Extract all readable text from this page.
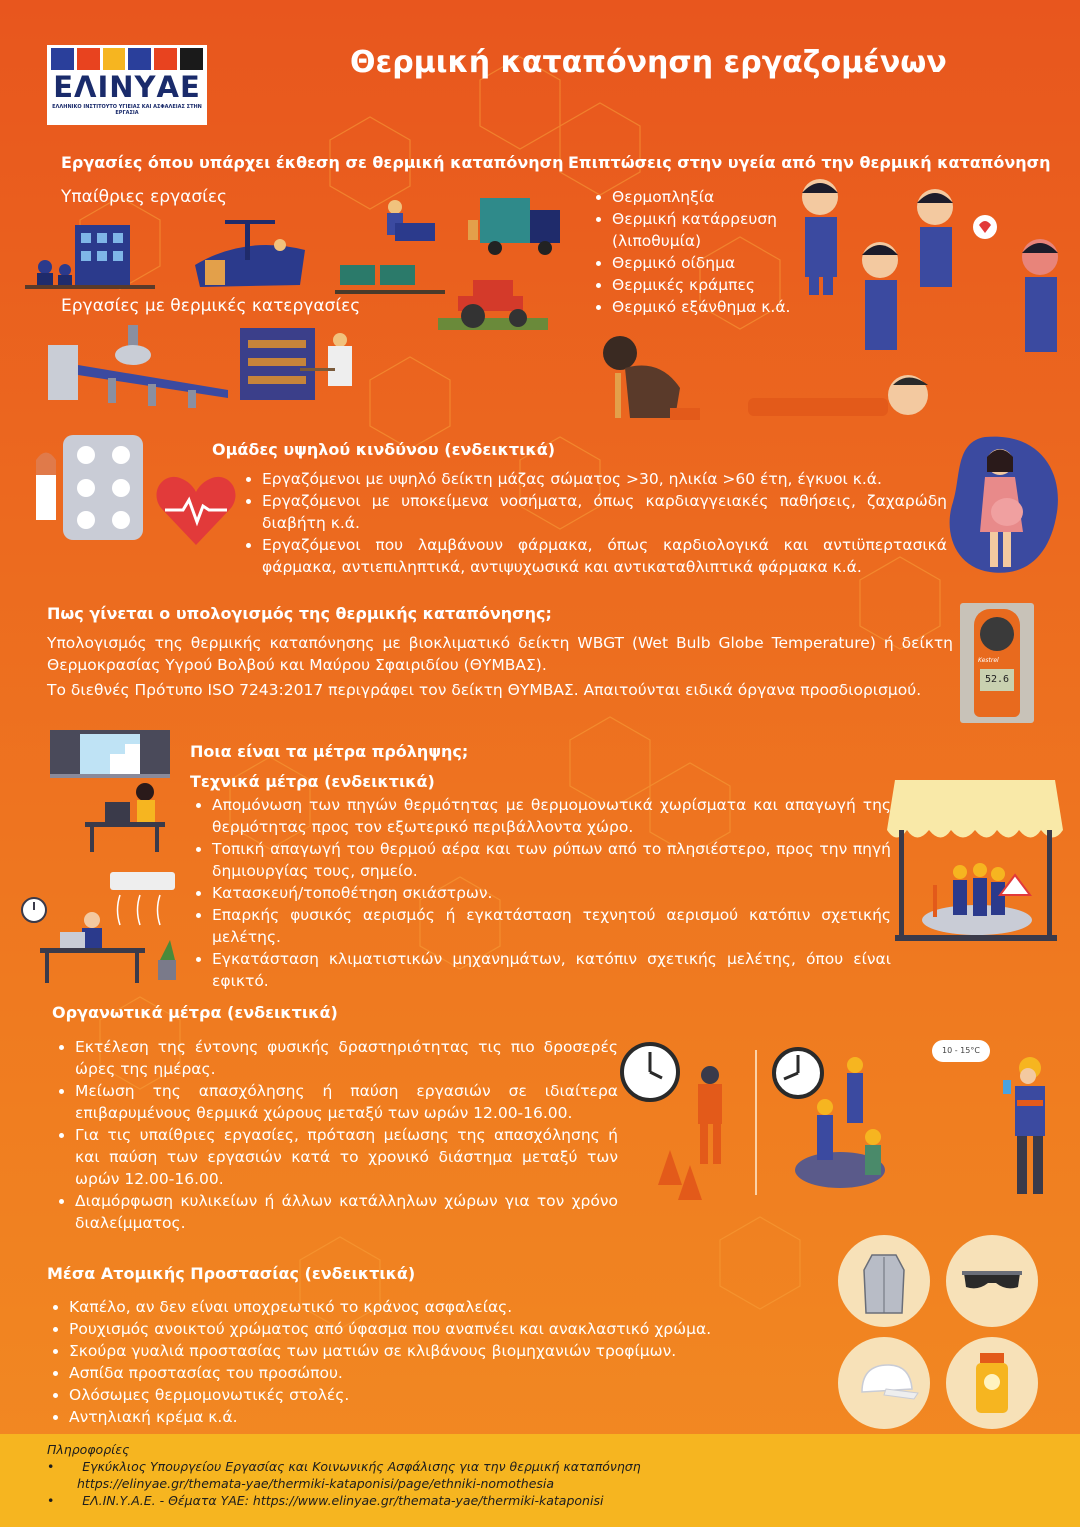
ΕΛΙΝΥΑΕ
ΕΛΛΗΝΙΚΟ ΙΝΣΤΙΤΟΥΤΟ ΥΓΙΕΙΑΣ ΚΑΙ ΑΣΦΑΛΕΙΑΣ ΣΤΗΝ ΕΡΓΑΣΙΑ
Θερμική καταπόνηση εργαζομένων
Εργασίες όπου υπάρχει έκθεση σε θερμική καταπόνηση
Υπαίθριες εργασίες
Εργασίες με θερμικές κατεργασίες
Επιπτώσεις στην υγεία από την θερμική καταπόνηση
• Θερμοπληξία
• Θερμική κατάρρευση (λιποθυμία)
• Θερμικό οίδημα
• Θερμικές κράμπες
• Θερμικό εξάνθημα κ.ά.
Ομάδες υψηλού κινδύνου (ενδεικτικά)
• Εργαζόμενοι με υψηλό δείκτη μάζας σώματος >30, ηλικία >60 έτη, έγκυοι κ.ά.
• Εργαζόμενοι με υποκείμενα νοσήματα, όπως καρδιαγγειακές παθήσεις, ζαχαρώδη διαβήτη κ.ά.
• Εργαζόμενοι που λαμβάνουν φάρμακα, όπως καρδιολογικά και αντιϋπερτασικά φάρμακα, αντιεπιληπτικά, αντιψυχωσικά και αντικαταθλιπτικά φάρμακα κ.ά.
Πως γίνεται ο υπολογισμός της θερμικής καταπόνησης;
Υπολογισμός της θερμικής καταπόνησης με βιοκλιματικό δείκτη WBGT (Wet Bulb Globe Temperature) ή δείκτη Θερμοκρασίας Υγρού Βολβού και Μαύρου Σφαιριδίου (ΘΥΜΒΑΣ).
Το διεθνές Πρότυπο ISO 7243:2017 περιγράφει τον δείκτη ΘΥΜΒΑΣ. Απαιτούνται ειδικά όργανα προσδιορισμού.
Kestrel
52.6
Ποια είναι τα μέτρα πρόληψης;
Τεχνικά μέτρα (ενδεικτικά)
• Απομόνωση των πηγών θερμότητας με θερμομονωτικά χωρίσματα και απαγωγή της θερμότητας προς τον εξωτερικό περιβάλλοντα χώρο.
• Τοπική απαγωγή του θερμού αέρα και των ρύπων από το πλησιέστερο, προς την πηγή δημιουργίας τους, σημείο.
• Κατασκευή/τοποθέτηση σκιάστρων.
• Επαρκής φυσικός αερισμός ή εγκατάσταση τεχνητού αερισμού κατόπιν σχετικής μελέτης.
• Εγκατάσταση κλιματιστικών μηχανημάτων, κατόπιν σχετικής μελέτης, όπου είναι εφικτό.
Οργανωτικά μέτρα (ενδεικτικά)
• Εκτέλεση της έντονης φυσικής δραστηριότητας τις πιο δροσερές ώρες της ημέρας.
• Μείωση της απασχόλησης ή παύση εργασιών σε ιδιαίτερα επιβαρυμένους θερμικά χώρους μεταξύ των ωρών 12.00-16.00.
• Για τις υπαίθριες εργασίες, πρόταση μείωσης της απασχόλησης ή και παύση των εργασιών κατά το χρονικό διάστημα μεταξύ των ωρών 12.00-16.00.
• Διαμόρφωση κυλικείων ή άλλων κατάλληλων χώρων για τον χρόνο διαλείμματος.
10 - 15°C
Μέσα Ατομικής Προστασίας (ενδεικτικά)
• Καπέλο, αν δεν είναι υποχρεωτικό το κράνος ασφαλείας.
• Ρουχισμός ανοικτού χρώματος από ύφασμα που αναπνέει και ανακλαστικό χρώμα.
• Σκούρα γυαλιά προστασίας των ματιών σε κλιβάνους βιομηχανιών τροφίμων.
• Ασπίδα προστασίας του προσώπου.
• Ολόσωμες θερμομονωτικές στολές.
• Αντηλιακή κρέμα κ.ά.
Πληροφορίες
•       Εγκύκλιος Υπουργείου Εργασίας και Κοινωνικής Ασφάλισης για την θερμική καταπόνηση
https://elinyae.gr/themata-yae/thermiki-kataponisi/page/ethniki-nomothesia
•       ΕΛ.ΙΝ.Υ.Α.Ε. - Θέματα ΥΑΕ: https://www.elinyae.gr/themata-yae/thermiki-kataponisi
